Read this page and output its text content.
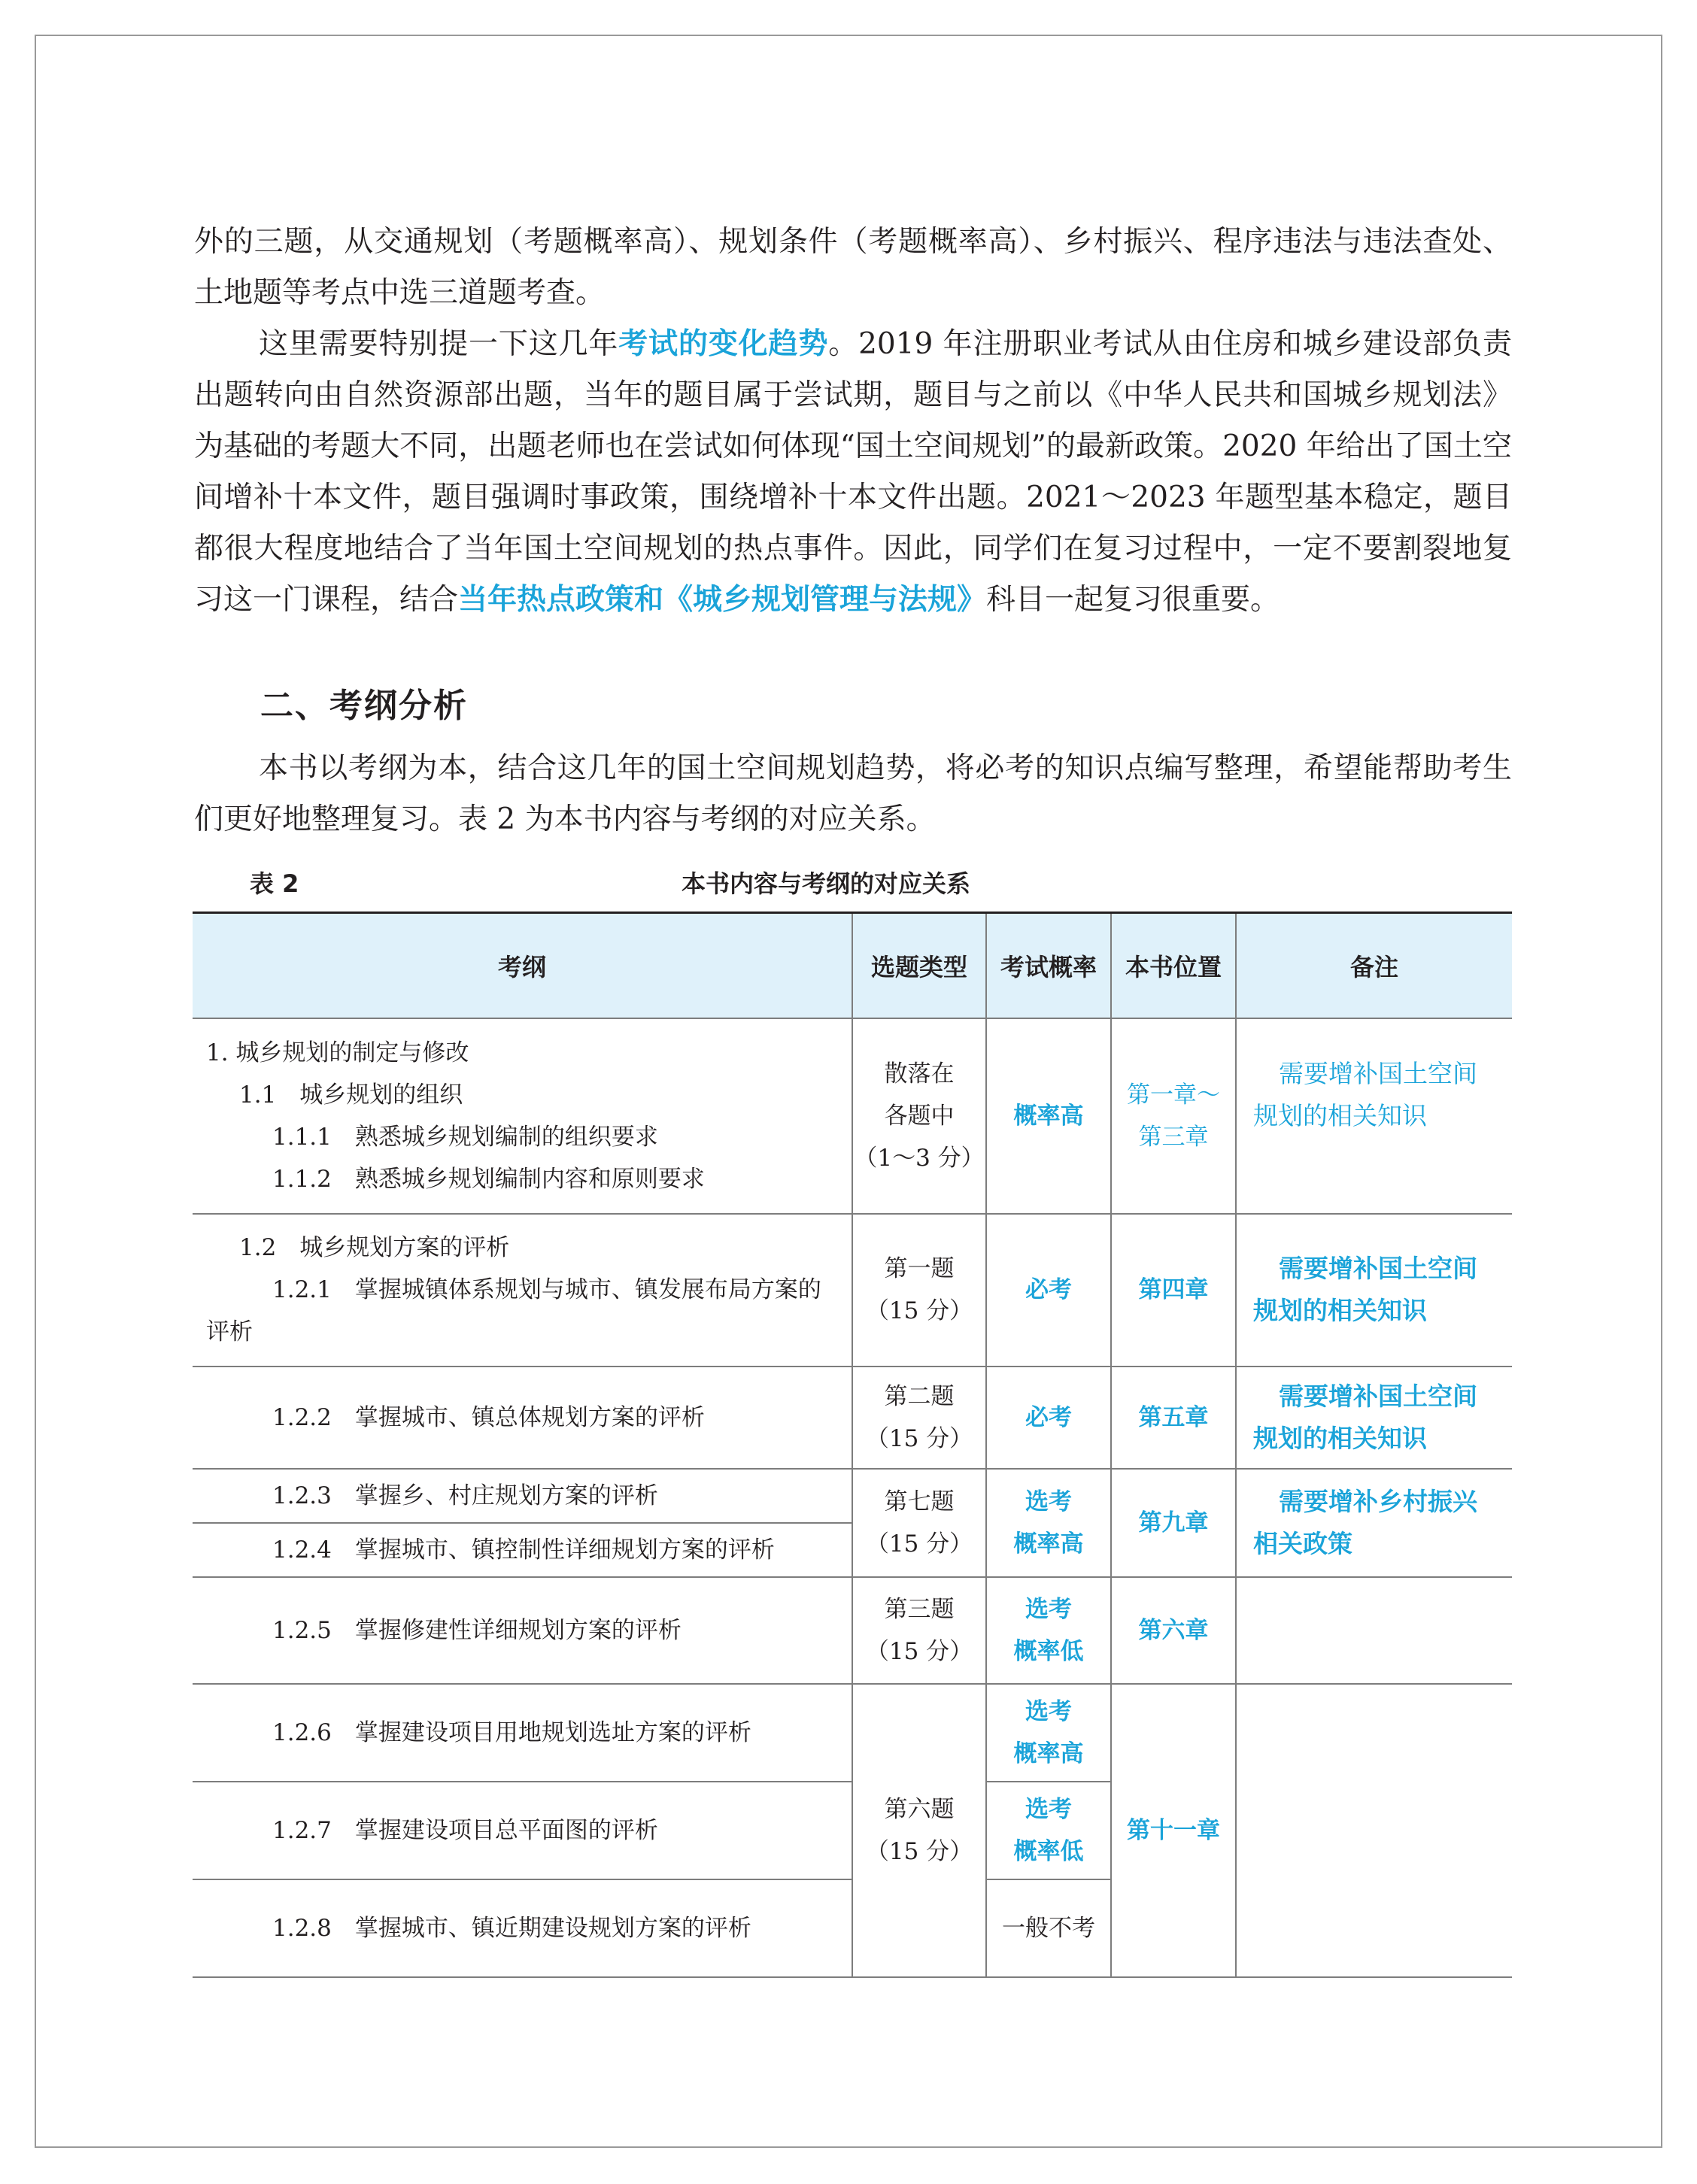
外的三题，从交通规划（考题概率高）、规划条件（考题概率高）、乡村振兴、程序违法与违法查处、土地题等考点中选三道题考查。

这里需要特别提一下这几年考试的变化趋势。2019 年注册职业考试从由住房和城乡建设部负责出题转向由自然资源部出题，当年的题目属于尝试期，题目与之前以《中华人民共和国城乡规划法》为基础的考题大不同，出题老师也在尝试如何体现“国土空间规划”的最新政策。2020 年给出了国土空间增补十本文件，题目强调时事政策，围绕增补十本文件出题。2021～2023 年题型基本稳定，题目都很大程度地结合了当年国土空间规划的热点事件。因此，同学们在复习过程中，一定不要割裂地复习这一门课程，结合当年热点政策和《城乡规划管理与法规》科目一起复习很重要。

二、考纲分析

本书以考纲为本，结合这几年的国土空间规划趋势，将必考的知识点编写整理，希望能帮助考生们更好地整理复习。表 2 为本书内容与考纲的对应关系。

表 2	本书内容与考纲的对应关系
考纲	选题类型	考试概率	本书位置	备注

1. 城乡规划的制定与修改
1.1　城乡规划的组织
1.1.1　熟悉城乡规划编制的组织要求
1.1.2　熟悉城乡规划编制内容和原则要求	散落在
各题中
（1～3 分）	概率高	第一章～
第三章	需要增补国土空间规划的相关知识

1.2　城乡规划方案的评析
1.2.1　掌握城镇体系规划与城市、镇发展布局方案的评析	第一题
（15 分）	必考	第四章	需要增补国土空间规划的相关知识

1.2.2　掌握城市、镇总体规划方案的评析	第二题
（15 分）	必考	第五章	需要增补国土空间规划的相关知识

1.2.3　掌握乡、村庄规划方案的评析	第七题
（15 分）	选考
概率高	第九章	需要增补乡村振兴相关政策

1.2.4　掌握城市、镇控制性详细规划方案的评析				

1.2.5　掌握修建性详细规划方案的评析	第三题
（15 分）	选考
概率低	第六章	

1.2.6　掌握建设项目用地规划选址方案的评析	第六题
（15 分）	选考
概率高	第十一章	

1.2.7　掌握建设项目总平面图的评析		选考
概率低		

1.2.8　掌握城市、镇近期建设规划方案的评析		一般不考		
